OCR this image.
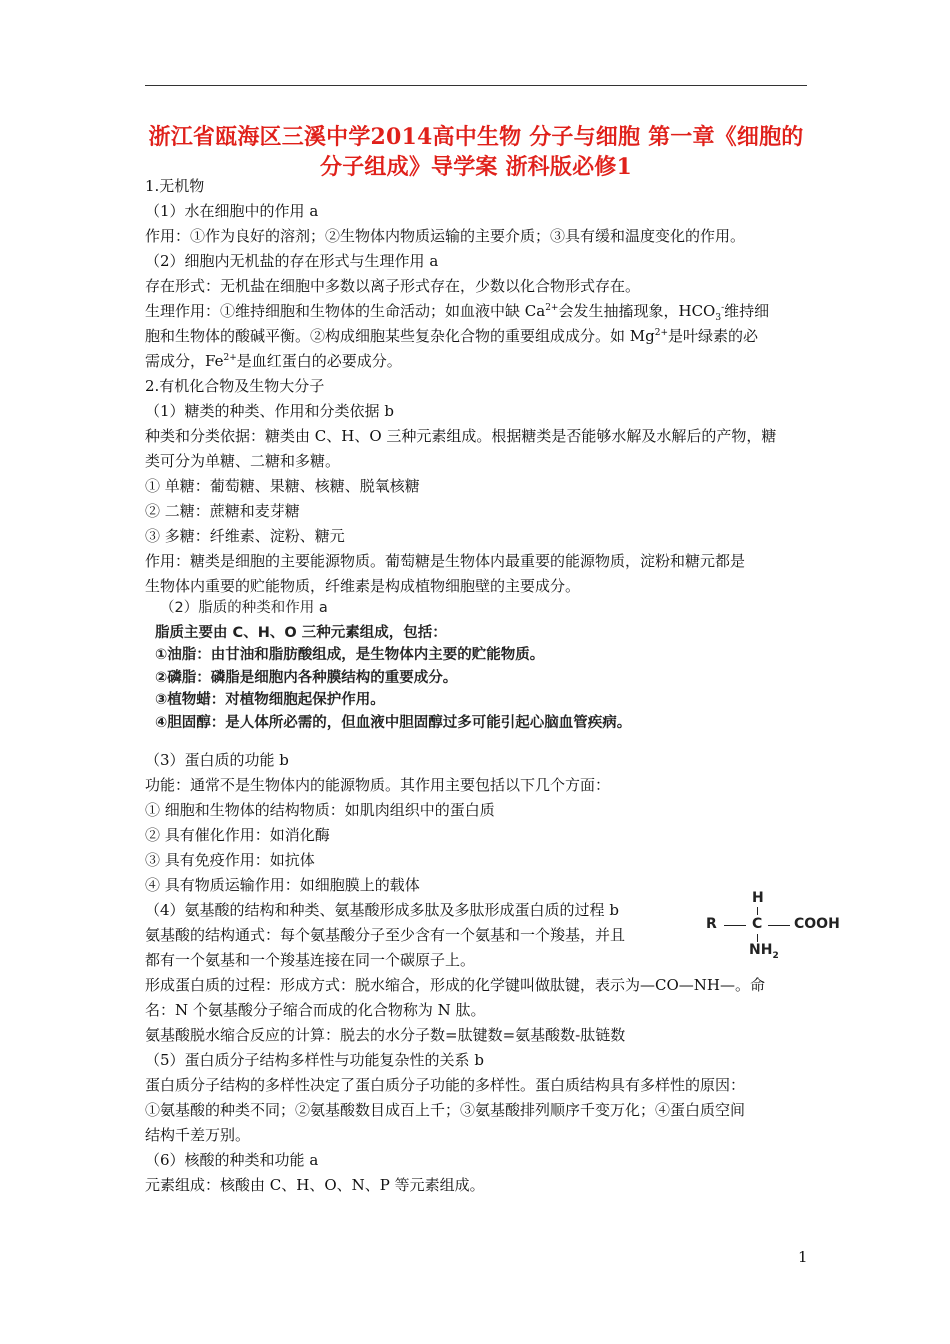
浙江省瓯海区三溪中学2014高中生物 分子与细胞 第一章《细胞的
分子组成》导学案 浙科版必修1
1.无机物
（1）水在细胞中的作用 a
作用：①作为良好的溶剂；②生物体内物质运输的主要介质；③具有缓和温度变化的作用。
（2）细胞内无机盐的存在形式与生理作用 a
存在形式：无机盐在细胞中多数以离子形式存在，少数以化合物形式存在。
生理作用：①维持细胞和生物体的生命活动；如血液中缺 $Ca^{2+}$会发生抽搐现象，$HCO_3^-$维持细
胞和生物体的酸碱平衡。②构成细胞某些复杂化合物的重要组成成分。如 $Mg^{2+}$是叶绿素的必
需成分，$Fe^{2+}$是血红蛋白的必要成分。
2.有机化合物及生物大分子
（1）糖类的种类、作用和分类依据 b
种类和分类依据：糖类由 C、H、O 三种元素组成。根据糖类是否能够水解及水解后的产物，糖
类可分为单糖、二糖和多糖。
① 单糖：葡萄糖、果糖、核糖、脱氧核糖
② 二糖：蔗糖和麦芽糖
③ 多糖：纤维素、淀粉、糖元
作用：糖类是细胞的主要能源物质。葡萄糖是生物体内最重要的能源物质，淀粉和糖元都是
生物体内重要的贮能物质，纤维素是构成植物细胞壁的主要成分。
（2）脂质的种类和作用 a
脂质主要由 C、H、O 三种元素组成，包括：
①油脂：由甘油和脂肪酸组成，是生物体内主要的贮能物质。
②磷脂：磷脂是细胞内各种膜结构的重要成分。
③植物蜡：对植物细胞起保护作用。
④胆固醇：是人体所必需的，但血液中胆固醇过多可能引起心脑血管疾病。
（3）蛋白质的功能 b
功能：通常不是生物体内的能源物质。其作用主要包括以下几个方面：
① 细胞和生物体的结构物质：如肌肉组织中的蛋白质
② 具有催化作用：如消化酶
③ 具有免疫作用：如抗体
④ 具有物质运输作用：如细胞膜上的载体
（4）氨基酸的结构和种类、氨基酸形成多肽及多肽形成蛋白质的过程 b
氨基酸的结构通式：每个氨基酸分子至少含有一个氨基和一个羧基，并且
都有一个氨基和一个羧基连接在同一个碳原子上。
形成蛋白质的过程：形成方式：脱水缩合，形成的化学键叫做肽键，表示为—CO—NH—。命
名：N 个氨基酸分子缩合而成的化合物称为 N 肽。
氨基酸脱水缩合反应的计算：脱去的水分子数=肽键数=氨基酸数-肽链数
（5）蛋白质分子结构多样性与功能复杂性的关系 b
蛋白质分子结构的多样性决定了蛋白质分子功能的多样性。蛋白质结构具有多样性的原因：
①氨基酸的种类不同；②氨基酸数目成百上千；③氨基酸排列顺序千变万化；④蛋白质空间
结构千差万别。
（6）核酸的种类和功能 a
元素组成：核酸由 C、H、O、N、P 等元素组成。
H
R	C COOH
$NH_2$
1
